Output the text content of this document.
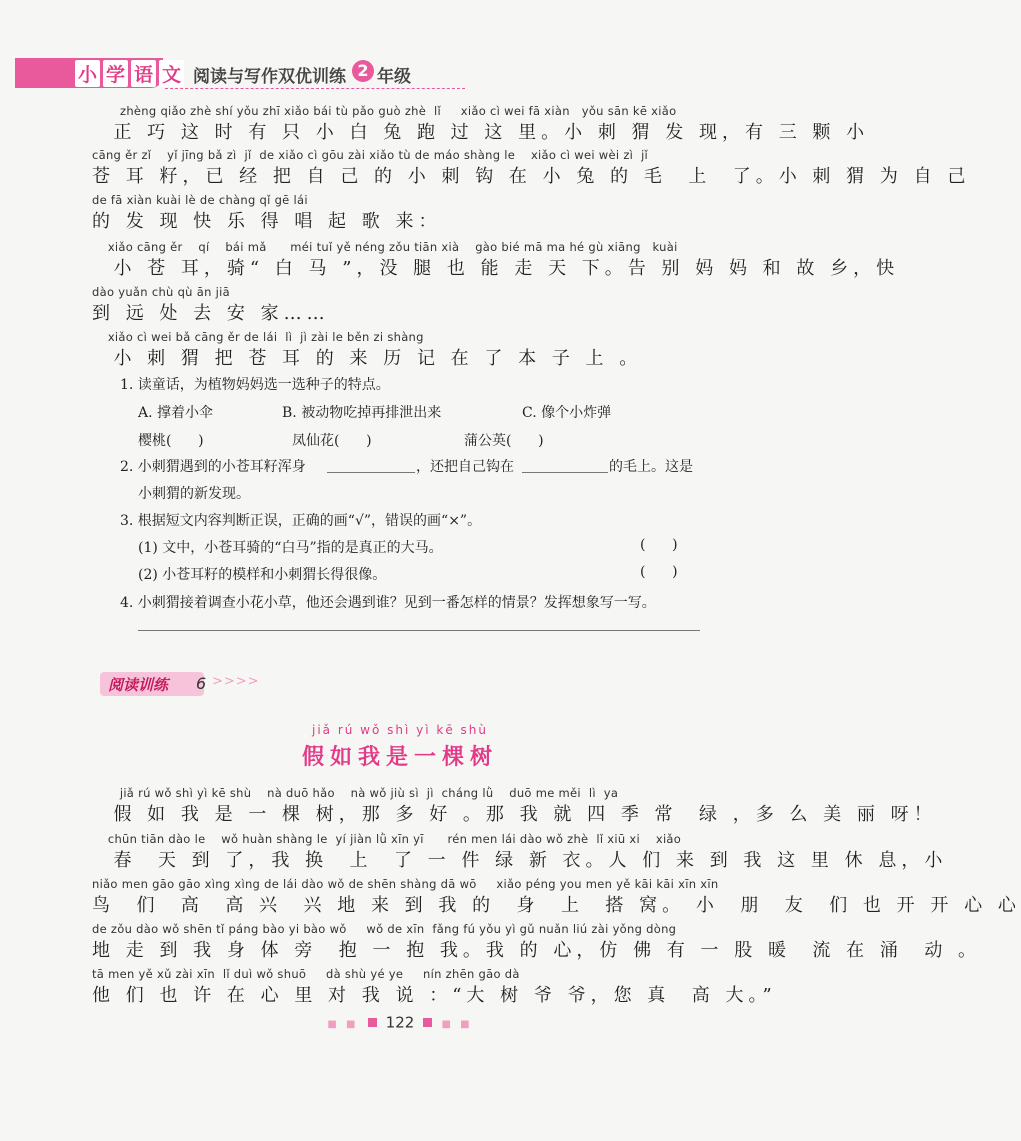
小 学 语 文 阅读与写作双优训练 2 年级
zhèng qiǎo zhè shí yǒu zhī xiǎo bái tù pǎo guò zhè  lǐ     xiǎo cì wei fā xiàn   yǒu sān kē xiǎo
正 巧 这 时 有 只 小 白 兔 跑 过 这 里。小 刺 猬 发 现，有 三 颗 小
cāng ěr zǐ    yǐ jīng bǎ zì  jǐ  de xiǎo cì gōu zài xiǎo tù de máo shàng le    xiǎo cì wei wèi zì  jǐ
苍 耳 籽，已 经 把 自 己 的 小 刺 钩 在 小 兔 的 毛  上  了。小 刺 猬 为 自 己
de fā xiàn kuài lè de chàng qǐ gē lái
的 发 现 快 乐 得 唱 起 歌 来：
xiǎo cāng ěr    qí    bái mǎ      méi tuǐ yě néng zǒu tiān xià    gào bié mā ma hé gù xiāng   kuài
小 苍 耳，骑“ 白 马 ”，没 腿 也 能 走 天 下。告 别 妈 妈 和 故 乡，快
dào yuǎn chù qù ān jiā
到 远 处 去 安 家……
xiǎo cì wei bǎ cāng ěr de lái  lì  jì zài le běn zi shàng
小 刺 猬 把 苍 耳 的 来 历 记 在 了 本 子 上 。
1. 读童话，为植物妈妈选一选种子的特点。
A. 撑着小伞	B. 被动物吃掉再排泄出来	C. 像个小炸弹
樱桃(      )	凤仙花(      )	蒲公英(      )
2. 小刺猬遇到的小苍耳籽浑身	，还把自己钩在	的毛上。这是
小刺猬的新发现。
3. 根据短文内容判断正误，正确的画“√”，错误的画“×”。
(1) 文中，小苍耳骑的“白马”指的是真正的大马。	(      )
(2) 小苍耳籽的模样和小刺猬长得很像。	(      )
4. 小刺猬接着调查小花小草，他还会遇到谁？见到一番怎样的情景？发挥想象写一写。
阅读训练 6 >>>>
jiǎ rú wǒ shì yì kē shù
假如我是一棵树
jiǎ rú wǒ shì yì kē shù    nà duō hǎo    nà wǒ jiù sì  jì  cháng lǜ    duō me měi  lì  ya
假 如 我 是 一 棵 树，那 多 好 。那 我 就 四 季 常  绿 ，多 么 美 丽 呀！
chūn tiān dào le    wǒ huàn shàng le  yí jiàn lǜ xīn yī      rén men lái dào wǒ zhè  lǐ xiū xi    xiǎo
春  天 到 了，我 换  上  了 一 件 绿 新 衣。人 们 来 到 我 这 里 休 息，小
niǎo men gāo gāo xìng xìng de lái dào wǒ de shēn shàng dā wō     xiǎo péng you men yě kāi kāi xīn xīn
鸟  们  高  高 兴  兴 地 来 到 我 的  身  上  搭 窝。 小  朋  友  们 也 开 开 心 心
de zǒu dào wǒ shēn tǐ páng bào yi bào wǒ     wǒ de xīn  fǎng fú yǒu yì gǔ nuǎn liú zài yǒng dòng
地 走 到 我 身 体 旁  抱 一 抱 我。我 的 心，仿 佛 有 一 股 暖  流 在 涌  动 。
tā men yě xǔ zài xīn  lǐ duì wǒ shuō     dà shù yé ye     nín zhēn gāo dà
他 们 也 许 在 心 里 对 我 说 ：“大 树 爷 爷，您 真  高 大。”
■ ■ 122	■ ■
